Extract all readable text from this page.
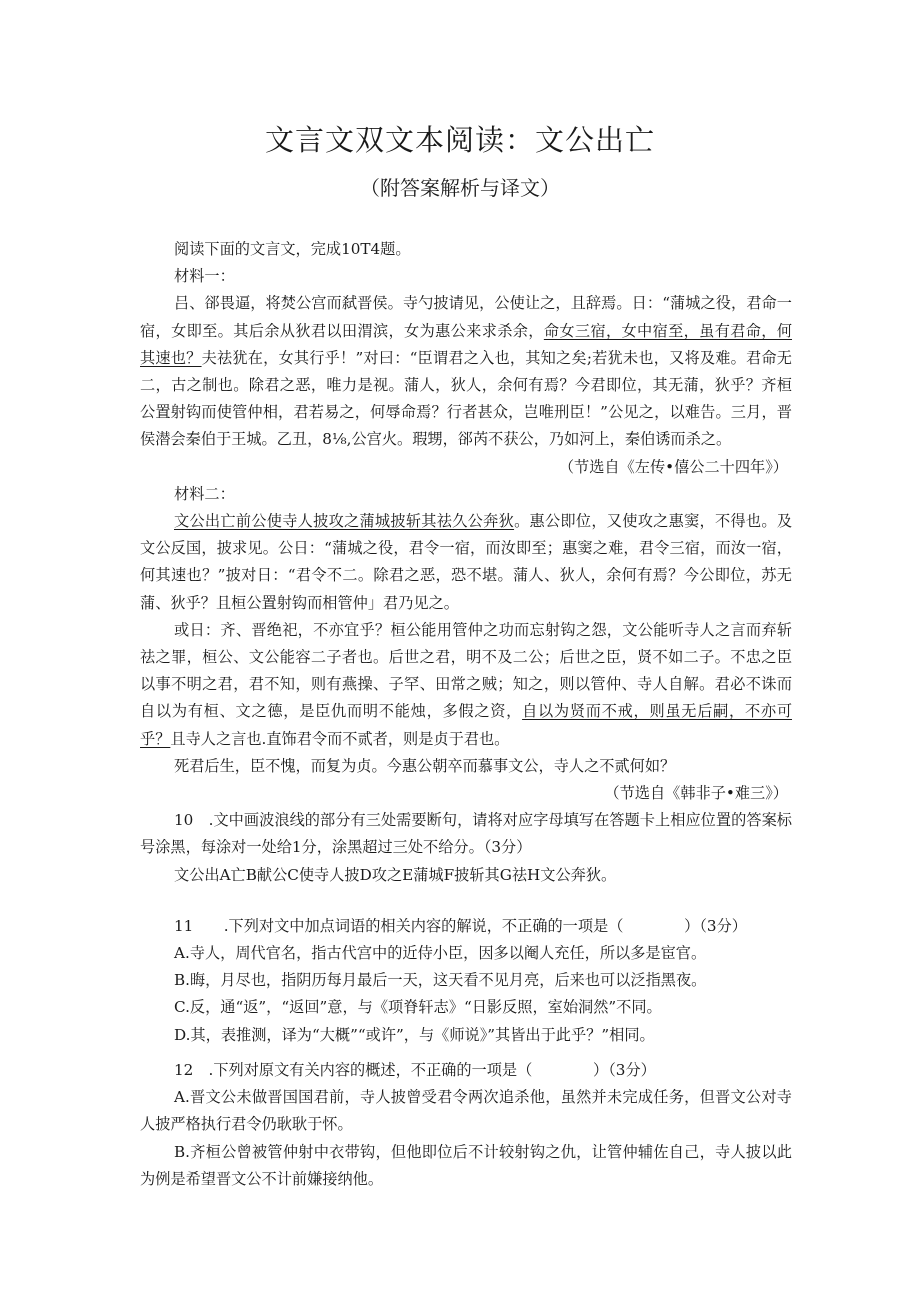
文言文双文本阅读：文公出亡
（附答案解析与译文）

阅读下面的文言文，完成10T4题。

材料一：

吕、郤畏逼，将焚公宫而弑晋侯。寺勺披请见，公使让之，且辞焉。日：“蒲城之役，君命一宿，女即至。其后余从狄君以田渭滨，女为惠公来求杀余，命女三宿，女中宿至，虽有君命，何其速也？夫祛犹在，女其行乎！”对曰：“臣谓君之入也，其知之矣;若犹未也，又将及难。君命无二，古之制也。除君之恶，唯力是视。蒲人，狄人，余何有焉？今君即位，其无蒲，狄乎？齐桓公置射钩而使管仲相，君若易之，何辱命焉？行者甚众，岂唯刑臣！”公见之，以难告。三月，晋侯潜会秦伯于王城。乙丑，8⅛,公宫火。瑕甥，郤芮不获公，乃如河上，秦伯诱而杀之。

（节选自《左传•僖公二十四年》）

材料二：

文公出亡前公使寺人披攻之蒲城披斩其祛久公奔狄。惠公即位，又使攻之惠窦，不得也。及文公反国，披求见。公日：“蒲城之役，君令一宿，而汝即至；惠窦之难，君令三宿，而汝一宿，何其速也？”披对日：“君令不二。除君之恶，恐不堪。蒲人、狄人，余何有焉？今公即位，苏无蒲、狄乎？且桓公置射钩而相管仲」君乃见之。

或日：齐、晋绝祀，不亦宜乎？桓公能用管仲之功而忘射钩之怨，文公能听寺人之言而弃斩祛之罪，桓公、文公能容二子者也。后世之君，明不及二公；后世之臣，贤不如二子。不忠之臣以事不明之君，君不知，则有燕操、子罕、田常之贼；知之，则以管仲、寺人自解。君必不诛而自以为有桓、文之德，是臣仇而明不能烛，多假之资，自以为贤而不戒，则虽无后嗣，不亦可乎？且寺人之言也.直饰君令而不贰者，则是贞于君也。

死君后生，臣不愧，而复为贞。今惠公朝卒而慕事文公，寺人之不贰何如？

（节选自《韩非子•难三》）

10　.文中画波浪线的部分有三处需要断句，请将对应字母填写在答题卡上相应位置的答案标号涂黑，每涂对一处给1分，涂黑超过三处不给分。（3分）

文公出A亡B献公C使寺人披D攻之E蒲城F披斩其G祛H文公奔狄。

11　　.下列对文中加点词语的相关内容的解说，不正确的一项是（　　　　）（3分）

A.寺人，周代官名，指古代宫中的近侍小臣，因多以阉人充任，所以多是宦官。

B.晦，月尽也，指阴历每月最后一天，这天看不见月亮，后来也可以泛指黑夜。

C.反，通“返”，“返回”意，与《项脊轩志》“日影反照，室始洞然”不同。

D.其，表推测，译为“大概”“或许”，与《师说》”其皆出于此乎？”相同。

12　.下列对原文有关内容的概述，不正确的一项是（　　　　）（3分）

A.晋文公未做晋国国君前，寺人披曾受君令两次追杀他，虽然并未完成任务，但晋文公对寺人披严格执行君令仍耿耿于怀。

B.齐桓公曾被管仲射中衣带钩，但他即位后不计较射钩之仇，让管仲辅佐自己，寺人披以此为例是希望晋文公不计前嫌接纳他。
